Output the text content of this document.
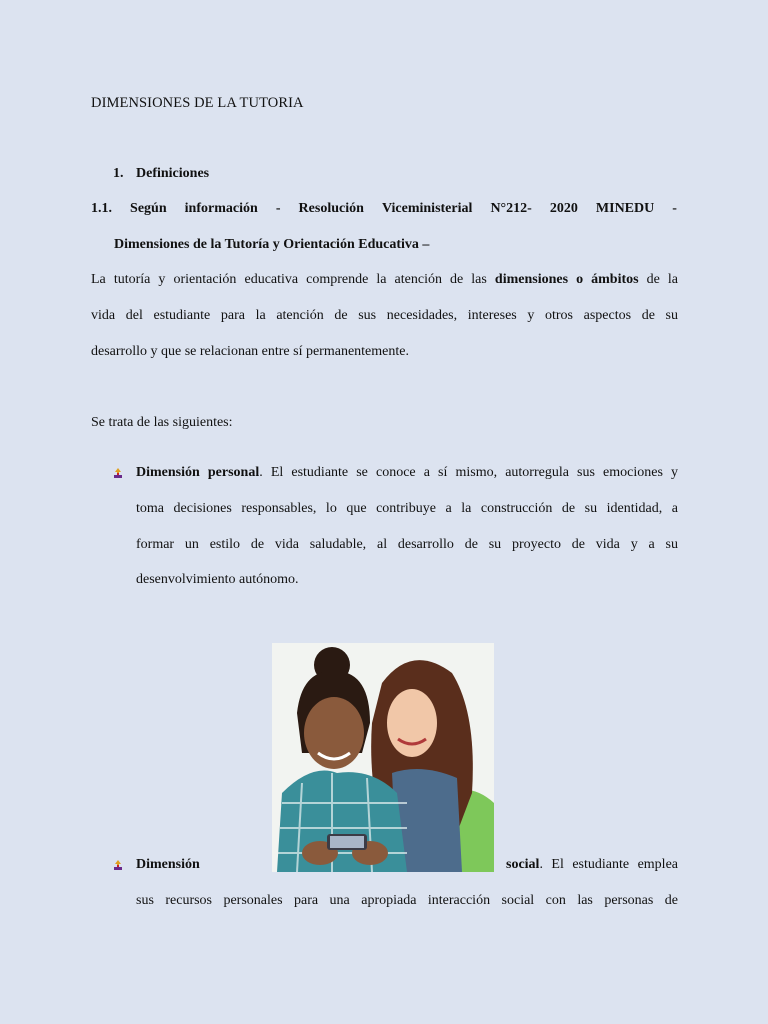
DIMENSIONES DE LA TUTORIA
1. Definiciones
1.1. Según información - Resolución Viceministerial N°212- 2020 MINEDU -
Dimensiones de la Tutoría y Orientación Educativa –
La tutoría y orientación educativa comprende la atención de las dimensiones o ámbitos de la
vida del estudiante para la atención de sus necesidades, intereses y otros aspectos de su
desarrollo y que se relacionan entre sí permanentemente.
Se trata de las siguientes:
Dimensión personal. El estudiante se conoce a sí mismo, autorregula sus emociones y
toma decisiones responsables, lo que contribuye a la construcción de su identidad, a
formar un estilo de vida saludable, al desarrollo de su proyecto de vida y a su
desenvolvimiento autónomo.
Dimensión	social. El estudiante emplea
sus recursos personales para una apropiada interacción social con las personas de
